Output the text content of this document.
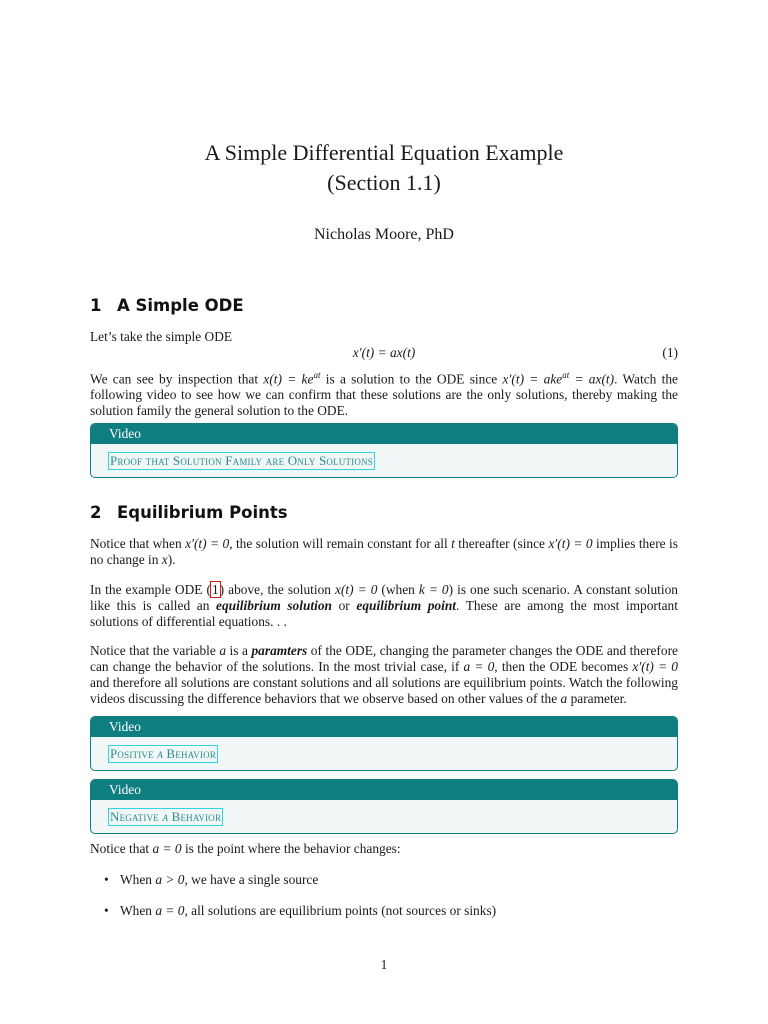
A Simple Differential Equation Example
(Section 1.1)
Nicholas Moore, PhD
1 A Simple ODE
Let’s take the simple ODE
x′(t) = ax(t)	(1)
We can see by inspection that $x(t) = ke^{at}$ is a solution to the ODE since x′(t) = ake$^{at}$ = ax(t). Watch the following video to see how we can confirm that these solutions are the only solutions, thereby making the solution family the general solution to the ODE.
Video
Proof that Solution Family are Only Solutions
2 Equilibrium Points
Notice that when x′(t) = 0, the solution will remain constant for all t thereafter (since x′(t) = 0 implies there is no change in x).
In the example ODE (1) above, the solution x(t) = 0 (when k = 0) is one such scenario. A constant solution like this is called an equilibrium solution or equilibrium point. These are among the most important solutions of differential equations. . .
Notice that the variable a is a paramters of the ODE, changing the parameter changes the ODE and therefore can change the behavior of the solutions. In the most trivial case, if a = 0, then the ODE becomes x′(t) = 0 and therefore all solutions are constant solutions and all solutions are equilibrium points. Watch the following videos discussing the difference behaviors that we observe based on other values of the a parameter.
Video
Positive a Behavior
Video
Negative a Behavior
Notice that a = 0 is the point where the behavior changes:
• When a > 0, we have a single source
• When a = 0, all solutions are equilibrium points (not sources or sinks)
1
